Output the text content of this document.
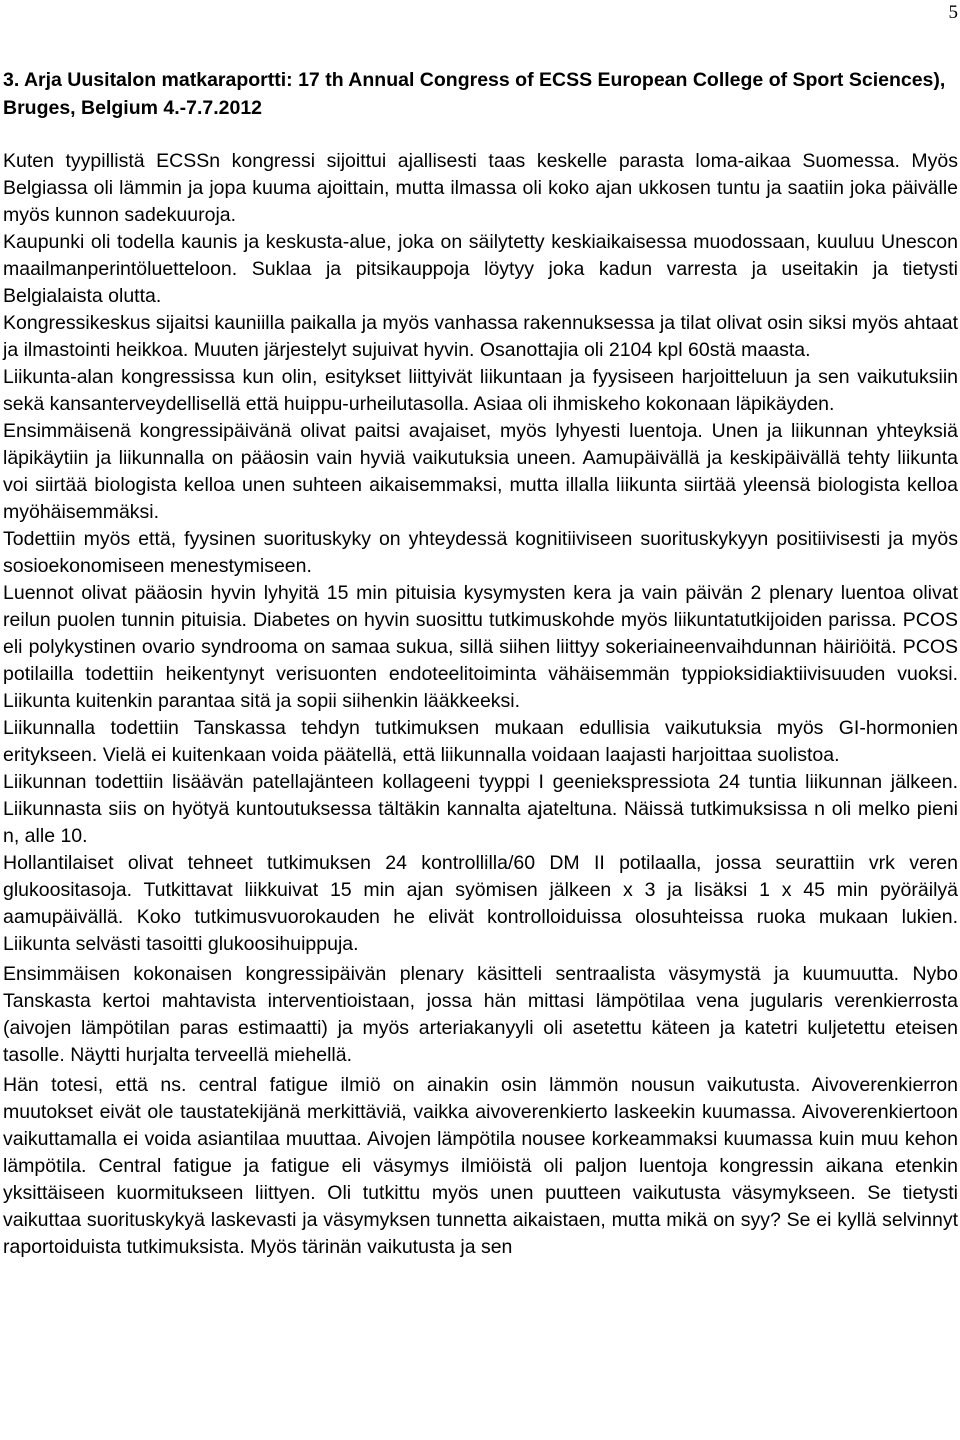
5
3. Arja Uusitalon matkaraportti: 17 th Annual Congress of ECSS European College of Sport Sciences), Bruges, Belgium 4.-7.7.2012

Kuten tyypillistä ECSSn kongressi sijoittui ajallisesti taas keskelle parasta loma-aikaa Suomessa. Myös Belgiassa oli lämmin ja jopa kuuma ajoittain, mutta ilmassa oli koko ajan ukkosen tuntu ja saatiin joka päivälle myös kunnon sadekuuroja.

Kaupunki oli todella kaunis ja keskusta-alue, joka on säilytetty keskiaikaisessa muodossaan, kuuluu Unescon maailmanperintöluetteloon. Suklaa ja pitsikauppoja löytyy joka kadun varresta ja useitakin ja tietysti Belgialaista olutta.

Kongressikeskus sijaitsi kauniilla paikalla ja myös vanhassa rakennuksessa ja tilat olivat osin siksi myös ahtaat ja ilmastointi heikkoa. Muuten järjestelyt sujuivat hyvin. Osanottajia oli 2104 kpl 60stä maasta.

Liikunta-alan kongressissa kun olin, esitykset liittyivät liikuntaan ja fyysiseen harjoitteluun ja sen vaikutuksiin sekä kansanterveydellisellä että huippu-urheilutasolla. Asiaa oli ihmiskeho kokonaan läpikäyden.

Ensimmäisenä kongressipäivänä olivat paitsi avajaiset, myös lyhyesti luentoja. Unen ja liikunnan yhteyksiä läpikäytiin ja liikunnalla on pääosin vain hyviä vaikutuksia uneen. Aamupäivällä ja keskipäivällä tehty liikunta voi siirtää biologista kelloa unen suhteen aikaisemmaksi, mutta illalla liikunta siirtää yleensä biologista kelloa myöhäisemmäksi.

Todettiin myös että, fyysinen suorituskyky on yhteydessä kognitiiviseen suorituskykyyn positiivisesti ja myös sosioekonomiseen menestymiseen.

Luennot olivat pääosin hyvin lyhyitä 15 min pituisia kysymysten kera ja vain päivän 2 plenary luentoa olivat reilun puolen tunnin pituisia. Diabetes on hyvin suosittu tutkimuskohde myös liikuntatutkijoiden parissa. PCOS eli polykystinen ovario syndrooma on samaa sukua, sillä siihen liittyy sokeriaineenvaihdunnan häiriöitä. PCOS potilailla todettiin heikentynyt verisuonten endoteelitoiminta vähäisemmän typpioksidiaktiivisuuden vuoksi. Liikunta kuitenkin parantaa sitä ja sopii siihenkin lääkkeeksi.

Liikunnalla todettiin Tanskassa tehdyn tutkimuksen mukaan edullisia vaikutuksia myös GI-hormonien eritykseen. Vielä ei kuitenkaan voida päätellä, että liikunnalla voidaan laajasti harjoittaa suolistoa.

Liikunnan todettiin lisäävän patellajänteen kollageeni tyyppi I geeniekspressiota 24 tuntia liikunnan jälkeen. Liikunnasta siis on hyötyä kuntoutuksessa tältäkin kannalta ajateltuna. Näissä tutkimuksissa n oli melko pieni n, alle 10.

Hollantilaiset olivat tehneet tutkimuksen 24 kontrollilla/60 DM II potilaalla, jossa seurattiin vrk veren glukoositasoja. Tutkittavat liikkuivat 15 min ajan syömisen jälkeen x 3 ja lisäksi 1 x 45 min pyöräilyä aamupäivällä. Koko tutkimusvuorokauden he elivät kontrolloiduissa olosuhteissa ruoka mukaan lukien. Liikunta selvästi tasoitti glukoosihuippuja.

Ensimmäisen kokonaisen kongressipäivän plenary käsitteli sentraalista väsymystä ja kuumuutta. Nybo Tanskasta kertoi mahtavista interventioistaan, jossa hän mittasi lämpötilaa vena jugularis verenkierrosta (aivojen lämpötilan paras estimaatti) ja myös arteriakanyyli oli asetettu käteen ja katetri kuljetettu eteisen tasolle. Näytti hurjalta terveellä miehellä.

Hän totesi, että ns. central fatigue ilmiö on ainakin osin lämmön nousun vaikutusta. Aivoverenkierron muutokset eivät ole taustatekijänä merkittäviä, vaikka aivoverenkierto laskeekin kuumassa. Aivoverenkiertoon vaikuttamalla ei voida asiantilaa muuttaa. Aivojen lämpötila nousee korkeammaksi kuumassa kuin muu kehon lämpötila. Central fatigue ja fatigue eli väsymys ilmiöistä oli paljon luentoja kongressin aikana etenkin yksittäiseen kuormitukseen liittyen. Oli tutkittu myös unen puutteen vaikutusta väsymykseen. Se tietysti vaikuttaa suorituskykyä laskevasti ja väsymyksen tunnetta aikaistaen, mutta mikä on syy? Se ei kyllä selvinnyt raportoiduista tutkimuksista. Myös tärinän vaikutusta ja sen
